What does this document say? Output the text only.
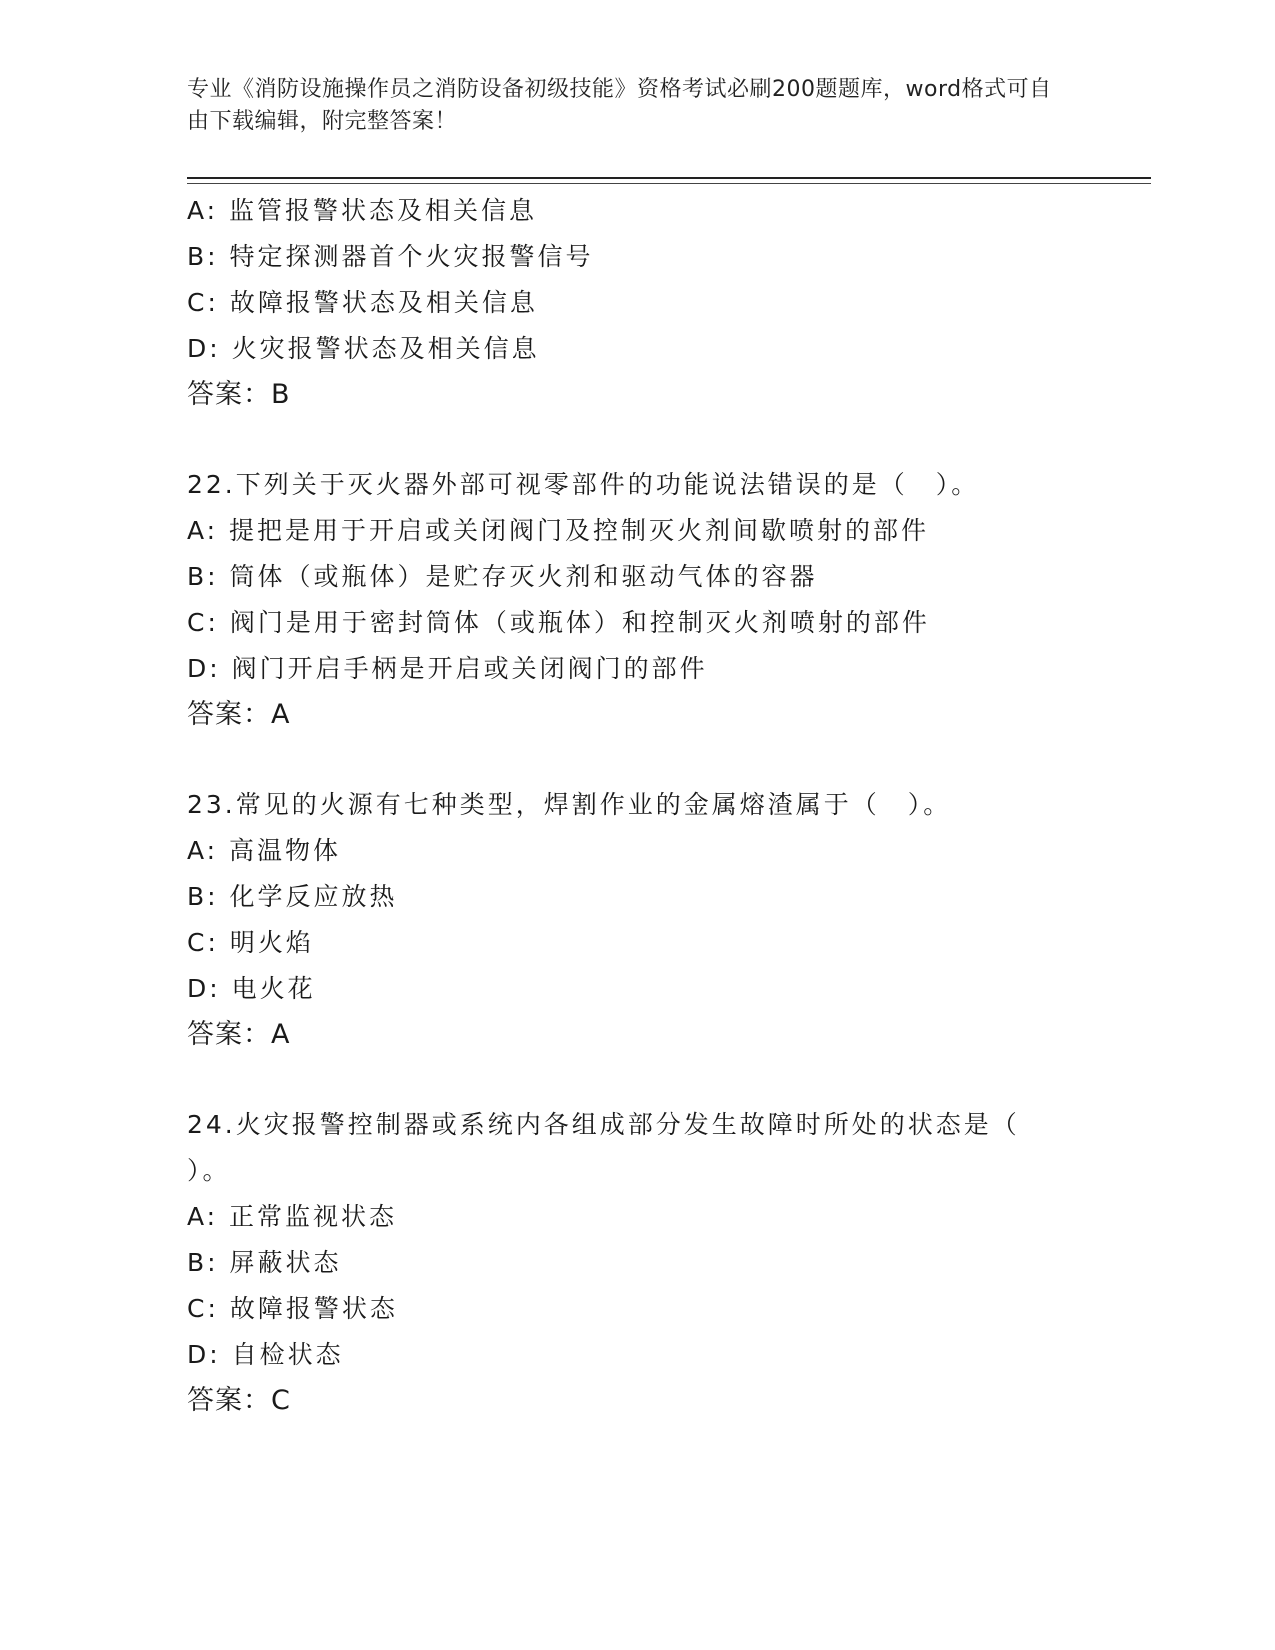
专业《消防设施操作员之消防设备初级技能》资格考试必刷200题题库，word格式可自由下载编辑，附完整答案！
A: 监管报警状态及相关信息
B: 特定探测器首个火灾报警信号
C: 故障报警状态及相关信息
D: 火灾报警状态及相关信息
答案：B
22.下列关于灭火器外部可视零部件的功能说法错误的是（　）。
A: 提把是用于开启或关闭阀门及控制灭火剂间歇喷射的部件
B: 筒体（或瓶体）是贮存灭火剂和驱动气体的容器
C: 阀门是用于密封筒体（或瓶体）和控制灭火剂喷射的部件
D: 阀门开启手柄是开启或关闭阀门的部件
答案：A
23.常见的火源有七种类型，焊割作业的金属熔渣属于（　）。
A: 高温物体
B: 化学反应放热
C: 明火焰
D: 电火花
答案：A
24.火灾报警控制器或系统内各组成部分发生故障时所处的状态是（
）。
A: 正常监视状态
B: 屏蔽状态
C: 故障报警状态
D: 自检状态
答案：C
